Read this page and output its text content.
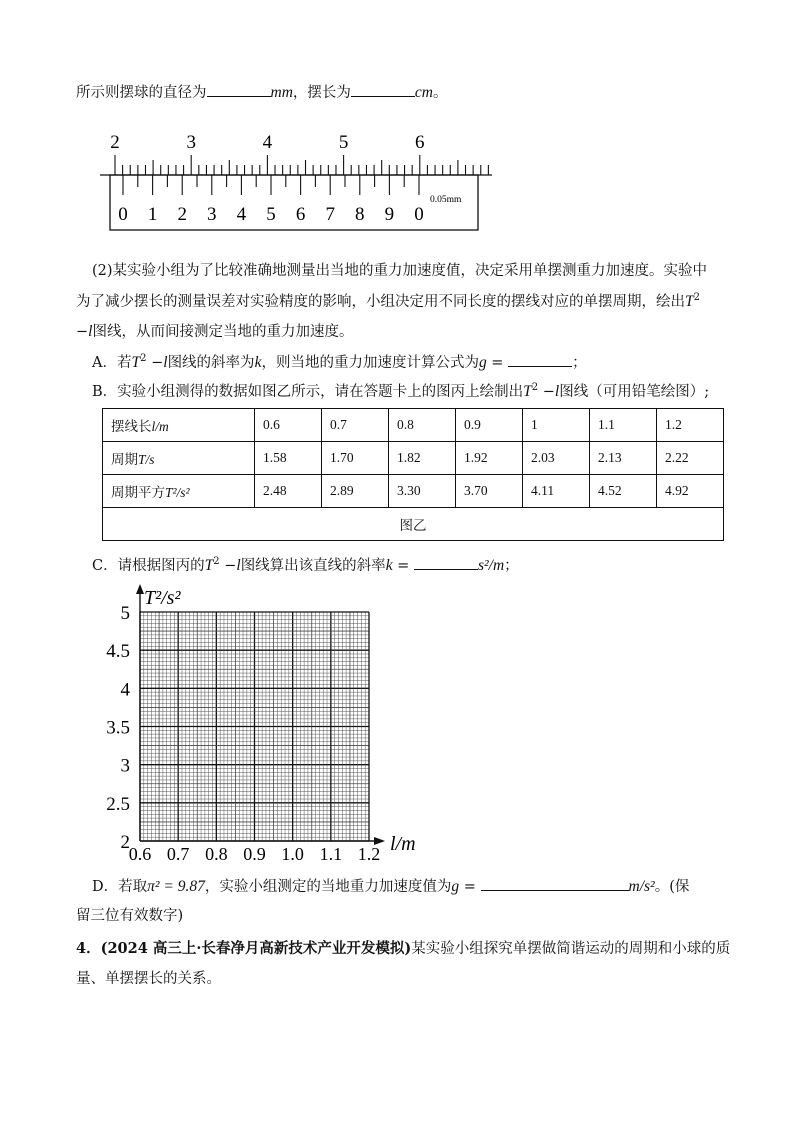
所示则摆球的直径为	mm，摆长为	cm。
2	3	4	5	6
0 1 2 3 4 5 6 7 8 9 0
0.05mm
(2)某实验小组为了比较准确地测量出当地的重力加速度值，决定采用单摆测重力加速度。实验中
为了减少摆长的测量误差对实验精度的影响，小组决定用不同长度的摆线对应的单摆周期，绘出$T^2$
−l图线，从而间接测定当地的重力加速度。
A．若$T^2 -l$图线的斜率为k，则当地的重力加速度计算公式为g =	；
B．实验小组测得的数据如图乙所示，请在答题卡上的图丙上绘制出$T^2 -l$图线（可用铅笔绘图）;
摆线长l/m	0.6	0.7	0.8	0.9	1	1.1	1.2
周期T/s	1.58	1.70	1.82	1.92	2.03	2.13	2.22
周期平方T²/s²	2.48	2.89	3.30	3.70	4.11	4.52	4.92
图乙							
C．请根据图丙的$T^2 -l$图线算出该直线的斜率k =	s²/m；
T²/s²
l/m
5
4.5
4
3.5
3
2.5
2
0.6 0.7 0.8 0.9 1.0 1.1 1.2
D．若取π² = 9.87，实验小组测定的当地重力加速度值为g =	m/s²。(保
留三位有效数字)
4．(2024 高三上·长春净月高新技术产业开发模拟)某实验小组探究单摆做简谐运动的周期和小球的质
量、单摆摆长的关系。
